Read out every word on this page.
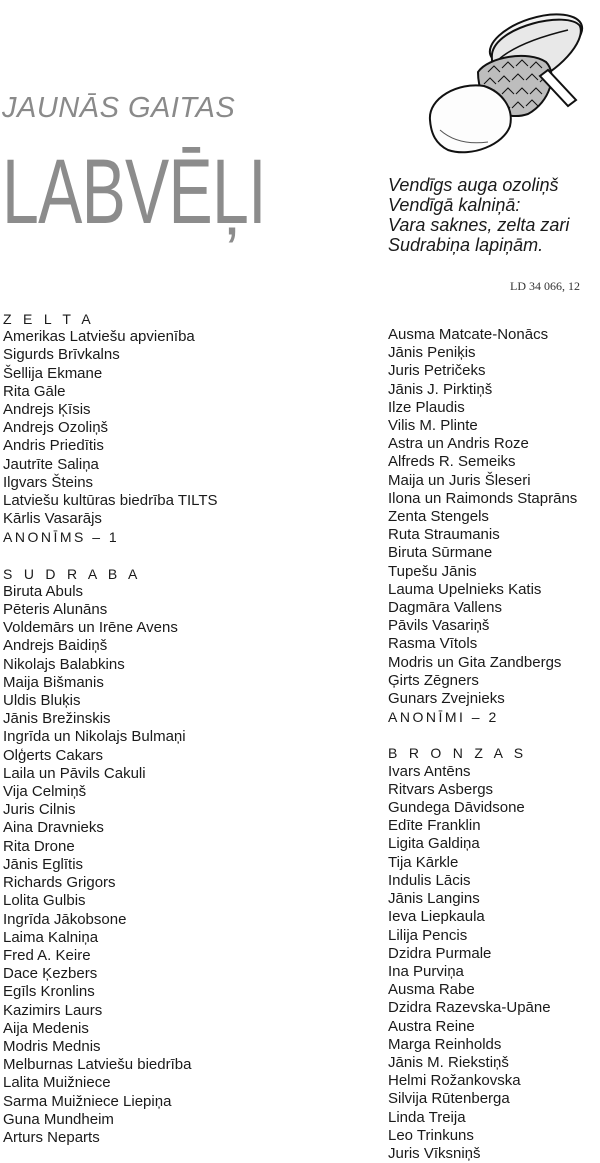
JAUNĀS GAITAS
LABVĒĻI	Vendīgs auga ozoliņš
Vendīgā kalniņā:
Vara saknes, zelta zari
Sudrabiņa lapiņām.
LD 34 066, 12
Z E L T A
Amerikas Latviešu apvienība
Sigurds Brīvkalns
Šellija Ekmane
Rita Gāle
Andrejs Ķīsis
Andrejs Ozoliņš
Andris Priedītis
Jautrīte Saliņa
Ilgvars Šteins
Latviešu kultūras biedrība TILTS
Kārlis Vasarājs
ANONĪMS – 1
S U D R A B A
Biruta Abuls
Pēteris Alunāns
Voldemārs un Irēne Avens
Andrejs Baidiņš
Nikolajs Balabkins
Maija Bišmanis
Uldis Bluķis
Jānis Brežinskis
Ingrīda un Nikolajs Bulmaņi
Olģerts Cakars
Laila un Pāvils Cakuli
Vija Celmiņš
Juris Cilnis
Aina Dravnieks
Rita Drone
Jānis Eglītis
Richards Grigors
Lolita Gulbis
Ingrīda Jākobsone
Laima Kalniņa
Fred A. Keire
Dace Ķezbers
Egīls Kronlins
Kazimirs Laurs
Aija Medenis
Modris Mednis
Melburnas Latviešu biedrība
Lalita Muižniece
Sarma Muižniece Liepiņa
Guna Mundheim
Arturs Neparts
Ausma Matcate-Nonācs
Jānis Peniķis
Juris Petričeks
Jānis J. Pirktiņš
Ilze Plaudis
Vilis M. Plinte
Astra un Andris Roze
Alfreds R. Semeiks
Maija un Juris Šleseri
Ilona un Raimonds Staprāns
Zenta Stengels
Ruta Straumanis
Biruta Sūrmane
Tupešu Jānis
Lauma Upelnieks Katis
Dagmāra Vallens
Pāvils Vasariņš
Rasma Vītols
Modris un Gita Zandbergs
Ģirts Zēgners
Gunars Zvejnieks
ANONĪMI – 2
B R O N Z A S
Ivars Antēns
Ritvars Asbergs
Gundega Dāvidsone
Edīte Franklin
Ligita Galdiņa
Tija Kārkle
Indulis Lācis
Jānis Langins
Ieva Liepkaula
Lilija Pencis
Dzidra Purmale
Ina Purviņa
Ausma Rabe
Dzidra Razevska-Upāne
Austra Reine
Marga Reinholds
Jānis M. Riekstiņš
Helmi Rožankovska
Silvija Rūtenberga
Linda Treija
Leo Trinkuns
Juris Vīksniņš
